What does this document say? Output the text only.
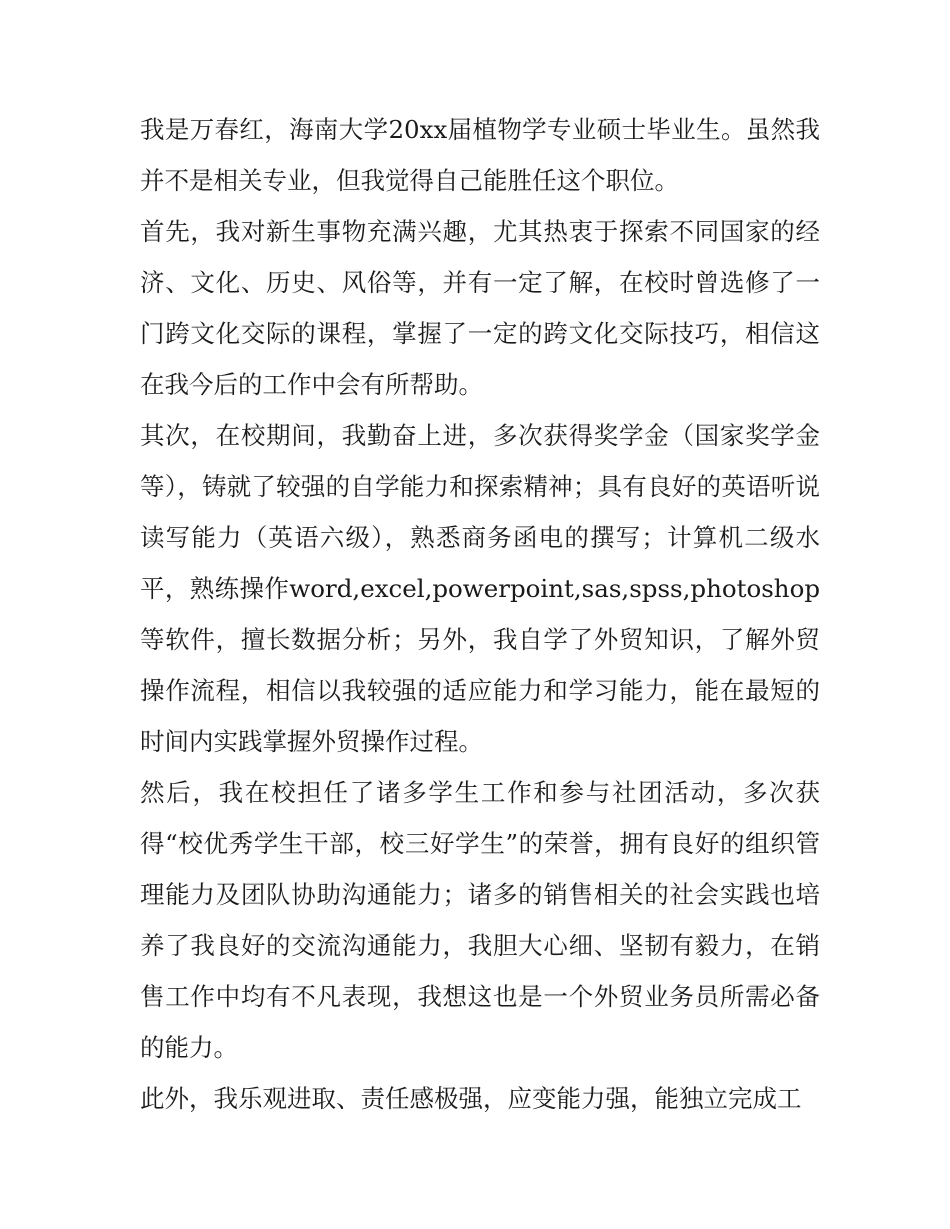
我是万春红，海南大学20xx届植物学专业硕士毕业生。虽然我并不是相关专业，但我觉得自己能胜任这个职位。

首先，我对新生事物充满兴趣，尤其热衷于探索不同国家的经济、文化、历史、风俗等，并有一定了解，在校时曾选修了一门跨文化交际的课程，掌握了一定的跨文化交际技巧，相信这在我今后的工作中会有所帮助。

其次，在校期间，我勤奋上进，多次获得奖学金（国家奖学金等），铸就了较强的自学能力和探索精神；具有良好的英语听说读写能力（英语六级），熟悉商务函电的撰写；计算机二级水平，熟练操作word,excel,powerpoint,sas,spss,photoshop等软件，擅长数据分析；另外，我自学了外贸知识，了解外贸操作流程，相信以我较强的适应能力和学习能力，能在最短的时间内实践掌握外贸操作过程。

然后，我在校担任了诸多学生工作和参与社团活动，多次获得“校优秀学生干部，校三好学生”的荣誉，拥有良好的组织管理能力及团队协助沟通能力；诸多的销售相关的社会实践也培养了我良好的交流沟通能力，我胆大心细、坚韧有毅力，在销售工作中均有不凡表现，我想这也是一个外贸业务员所需必备的能力。

此外，我乐观进取、责任感极强，应变能力强，能独立完成工
